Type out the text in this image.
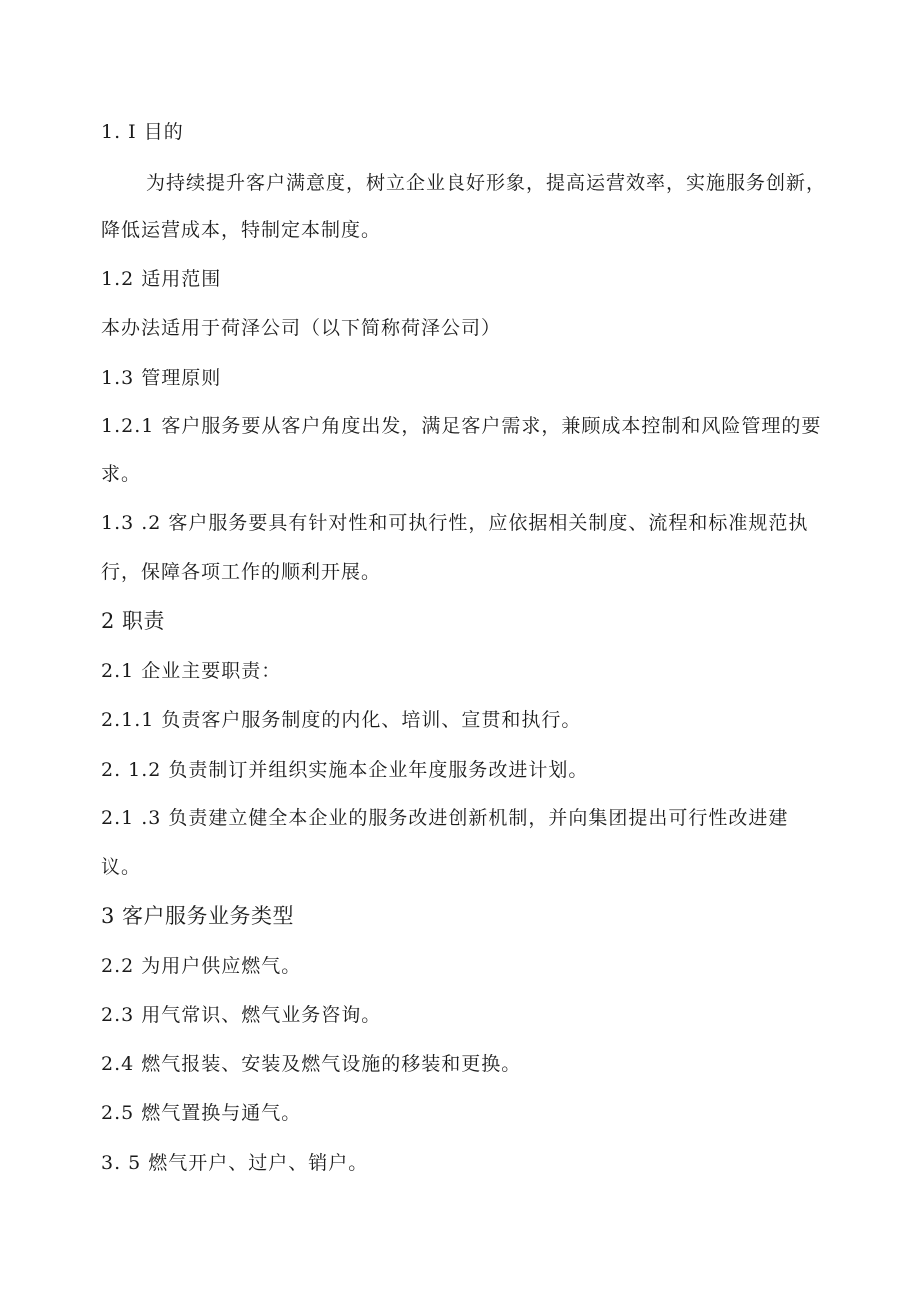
1. I 目的
为持续提升客户满意度，树立企业良好形象，提高运营效率，实施服务创新，
降低运营成本，特制定本制度。
1.2 适用范围
本办法适用于荷泽公司（以下简称荷泽公司）
1.3 管理原则
1.2.1 客户服务要从客户角度出发，满足客户需求，兼顾成本控制和风险管理的要
求。
1.3 .2 客户服务要具有针对性和可执行性，应依据相关制度、流程和标准规范执
行，保障各项工作的顺利开展。
2 职责
2.1 企业主要职责：
2.1.1 负责客户服务制度的内化、培训、宣贯和执行。
2. 1.2 负责制订并组织实施本企业年度服务改进计划。
2.1 .3 负责建立健全本企业的服务改进创新机制，并向集团提出可行性改进建
议。
3 客户服务业务类型
2.2 为用户供应燃气。
2.3 用气常识、燃气业务咨询。
2.4 燃气报装、安装及燃气设施的移装和更换。
2.5 燃气置换与通气。
3. 5 燃气开户、过户、销户。
